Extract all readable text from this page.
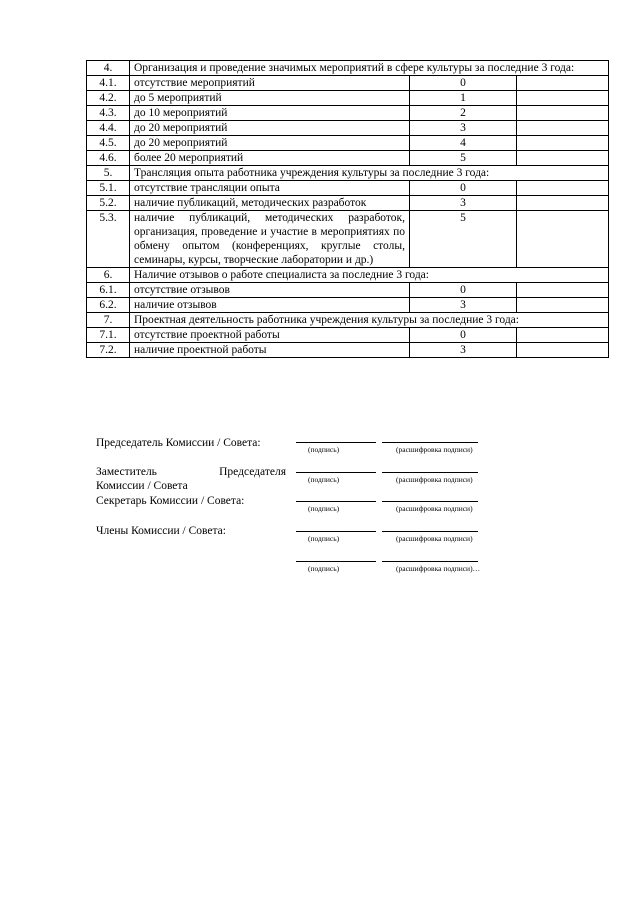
4.	Организация и проведение значимых мероприятий в сфере культуры за последние 3 года:		
4.1.	отсутствие мероприятий	0	
4.2.	до 5 мероприятий	1	
4.3.	до 10 мероприятий	2	
4.4.	до 20 мероприятий	3	
4.5.	до 20 мероприятий	4	
4.6.	более 20 мероприятий	5	
5.	Трансляция опыта работника учреждения культуры за последние 3 года:		
5.1.	отсутствие трансляции опыта	0	
5.2.	наличие публикаций, методических разработок	3	
5.3.	наличие публикаций, методических разработок, организация, проведение и участие в мероприятиях по обмену опытом (конференциях, круглые столы, семинары, курсы, творческие лаборатории и др.)	5	
6.	Наличие отзывов о работе специалиста за последние 3 года:		
6.1.	отсутствие отзывов	0	
6.2.	наличие отзывов	3	
7.	Проектная деятельность работника учреждения культуры за последние 3 года:		
7.1.	отсутствие проектной работы	0	
7.2.	наличие проектной работы	3	
Председатель Комиссии / Совета:
(подпись)	(расшифровка подписи)
Заместитель	Председателя
Комиссии / Совета
(подпись)	(расшифровка подписи)
Секретарь Комиссии / Совета:
(подпись)	(расшифровка подписи)
Члены Комиссии / Совета:
(подпись)	(расшифровка подписи)
(подпись)	(расшифровка подписи)…
